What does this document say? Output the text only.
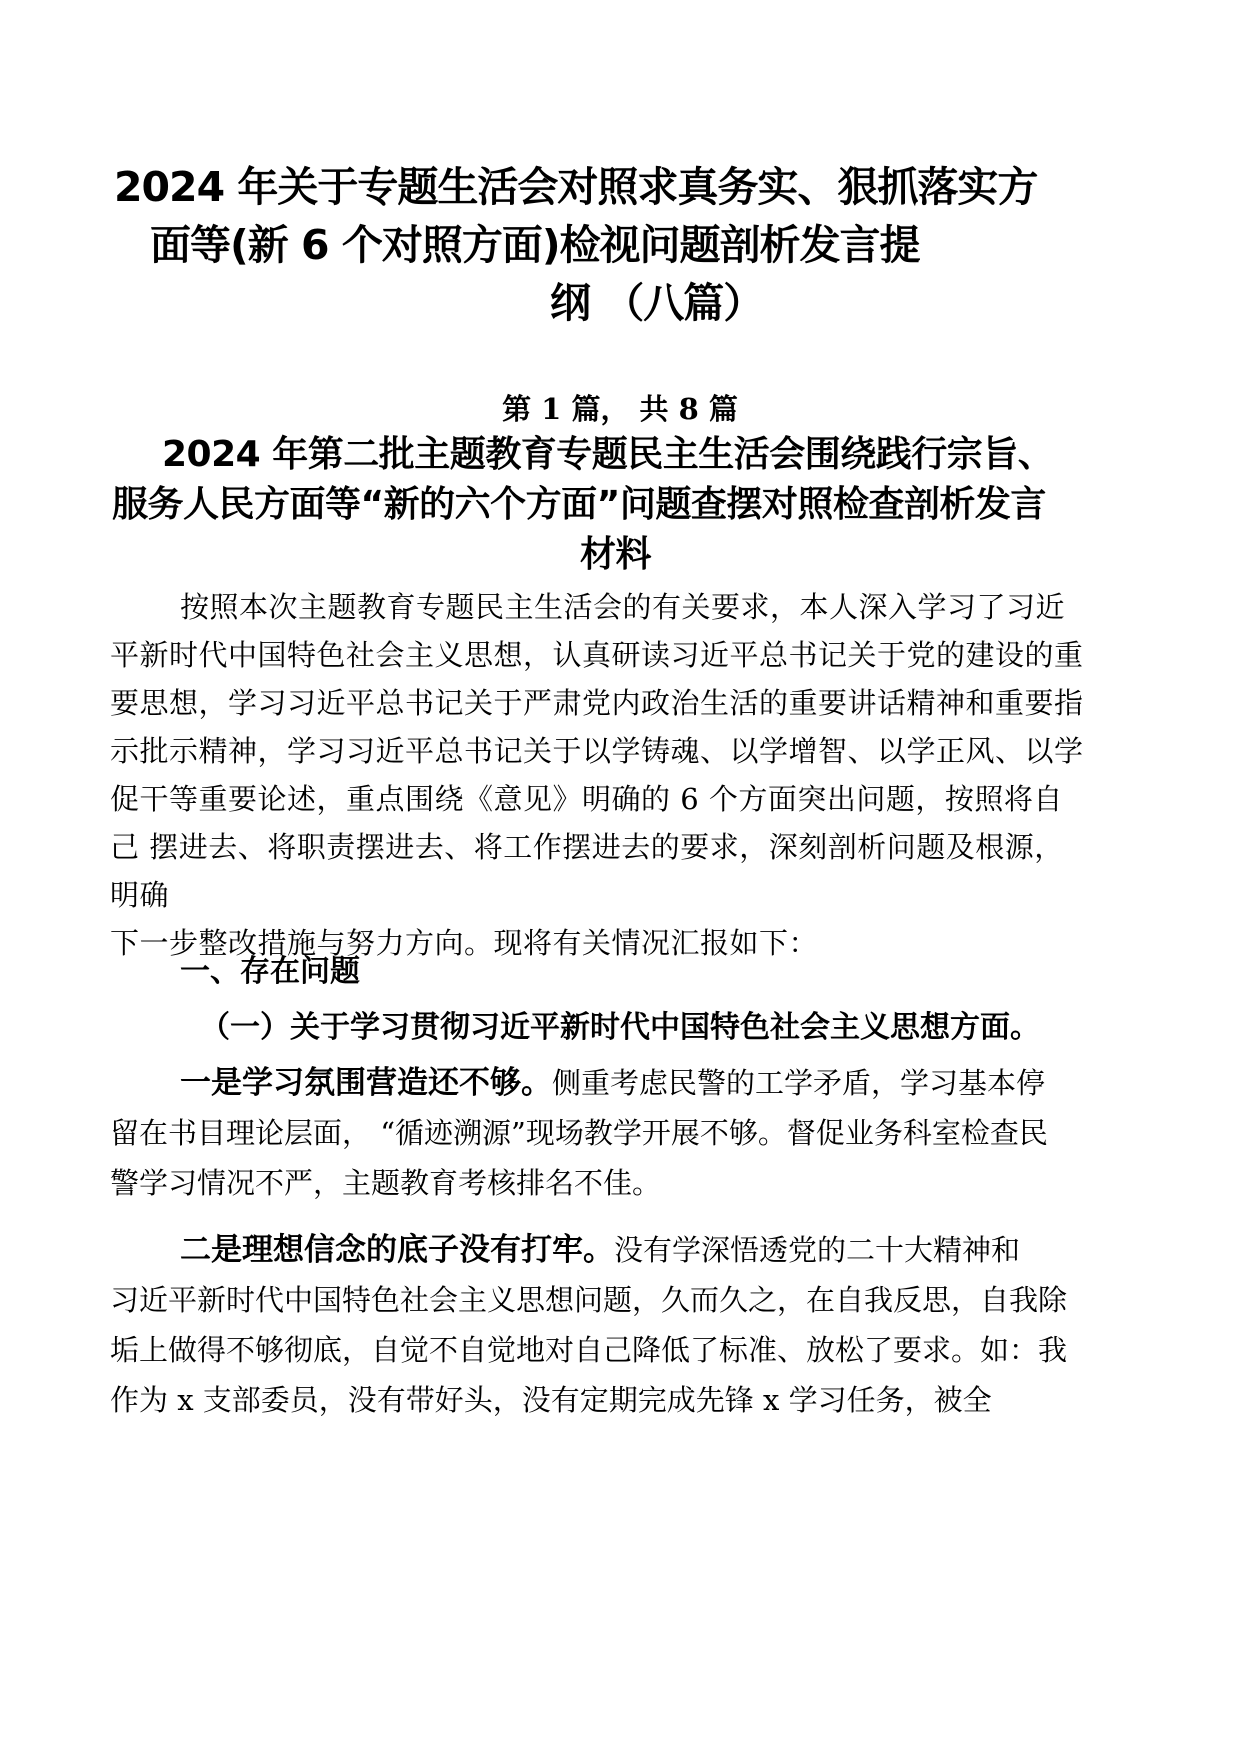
2024 年关于专题生活会对照求真务实、狠抓落实方
面等(新 6 个对照方面)检视问题剖析发言提
纲 （八篇）
第 1 篇， 共 8 篇
2024 年第二批主题教育专题民主生活会围绕践行宗旨、
服务人民方面等“新的六个方面”问题查摆对照检查剖析发言
材料
按照本次主题教育专题民主生活会的有关要求，本人深入学习了习近
平新时代中国特色社会主义思想，认真研读习近平总书记关于党的建设的重
要思想，学习习近平总书记关于严肃党内政治生活的重要讲话精神和重要指
示批示精神，学习习近平总书记关于以学铸魂、以学增智、以学正风、以学
促干等重要论述，重点围绕《意见》明确的 6 个方面突出问题，按照将自
己 摆进去、将职责摆进去、将工作摆进去的要求，深刻剖析问题及根源，
明确
下一步整改措施与努力方向。现将有关情况汇报如下：
一、存在问题
（一）关于学习贯彻习近平新时代中国特色社会主义思想方面。
一是学习氛围营造还不够。侧重考虑民警的工学矛盾，学习基本停
留在书目理论层面， “循迹溯源”现场教学开展不够。督促业务科室检查民
警学习情况不严，主题教育考核排名不佳。
二是理想信念的底子没有打牢。没有学深悟透党的二十大精神和
习近平新时代中国特色社会主义思想问题，久而久之，在自我反思，自我除
垢上做得不够彻底，自觉不自觉地对自己降低了标准、放松了要求。如：我
作为 x 支部委员，没有带好头，没有定期完成先锋 x 学习任务，被全
